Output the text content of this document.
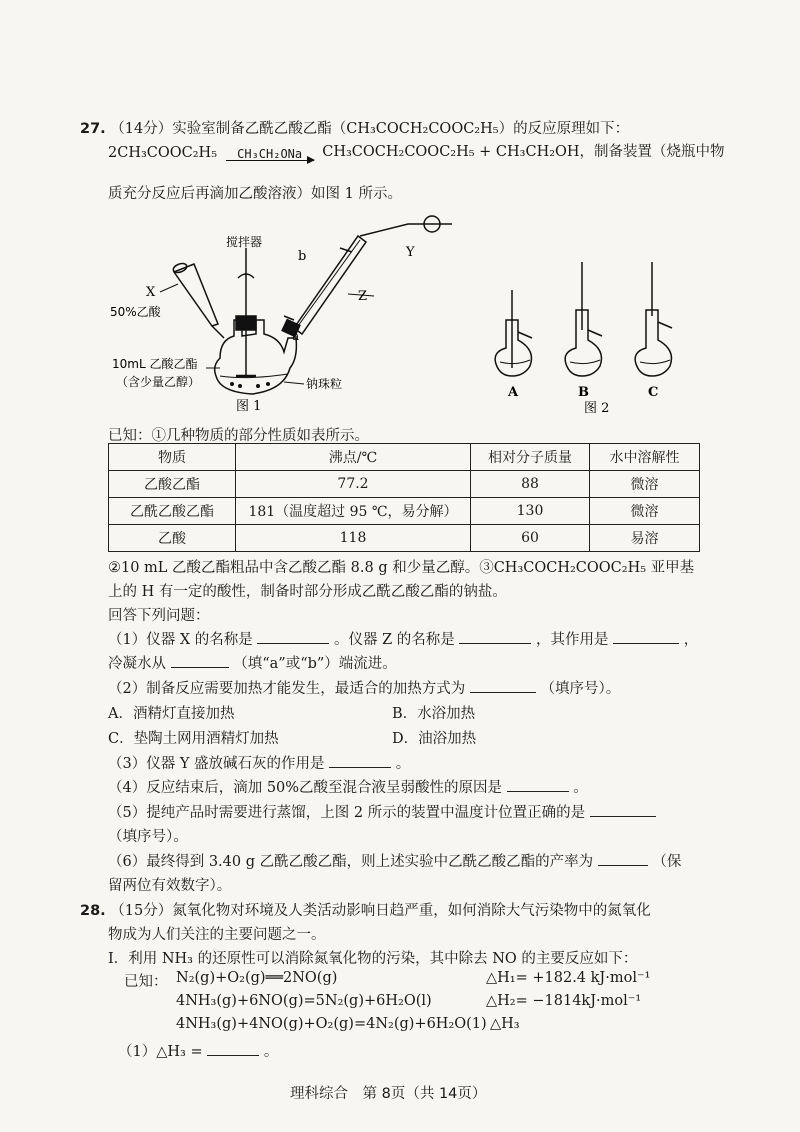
27. （14分）实验室制备乙酰乙酸乙酯（CH₃COCH₂COOC₂H₅）的反应原理如下：
2CH₃COOC₂H₅	CH₃CH₂ONa	CH₃COCH₂COOC₂H₅ + CH₃CH₂OH，制备装置（烧瓶中物
质充分反应后再滴加乙酸溶液）如图 1 所示。
搅拌器
X
50%乙酸
b
Z
Y
a
10mL 乙酸乙酯
（含少量乙醇）	钠珠粒
图 1
A	B	C
图 2
已知：①几种物质的部分性质如表所示。
物质	沸点/℃	相对分子质量	水中溶解性
乙酸乙酯	77.2	88	微溶
乙酰乙酸乙酯	181（温度超过 95 ℃，易分解）	130	微溶
乙酸	118	60	易溶
②10 mL 乙酸乙酯粗品中含乙酸乙酯 8.8 g 和少量乙醇。③CH₃COCH₂COOC₂H₅ 亚甲基
上的 H 有一定的酸性，制备时部分形成乙酰乙酸乙酯的钠盐。
回答下列问题：
（1）仪器 X 的名称是	。仪器 Z 的名称是	，其作用是	，
冷凝水从	（填“a”或“b”）端流进。
（2）制备反应需要加热才能发生，最适合的加热方式为	（填序号）。
A．酒精灯直接加热	B．水浴加热
C．垫陶土网用酒精灯加热	D．油浴加热
（3）仪器 Y 盛放碱石灰的作用是	。
（4）反应结束后，滴加 50%乙酸至混合液呈弱酸性的原因是	。
（5）提纯产品时需要进行蒸馏，上图 2 所示的装置中温度计位置正确的是
（填序号）。
（6）最终得到 3.40 g 乙酰乙酸乙酯，则上述实验中乙酰乙酸乙酯的产率为	（保
留两位有效数字）。
28. （15分）氮氧化物对环境及人类活动影响日趋严重，如何消除大气污染物中的氮氧化
物成为人们关注的主要问题之一。
I．利用 NH₃ 的还原性可以消除氮氧化物的污染，其中除去 NO 的主要反应如下：
已知： N₂(g)+O₂(g)══2NO(g)	△H₁= +182.4 kJ·mol⁻¹
4NH₃(g)+6NO(g)=5N₂(g)+6H₂O(l)	△H₂= −1814kJ·mol⁻¹
4NH₃(g)+4NO(g)+O₂(g)=4N₂(g)+6H₂O(1) △H₃
（1）△H₃ =	。
理科综合　第 8页（共 14页）
